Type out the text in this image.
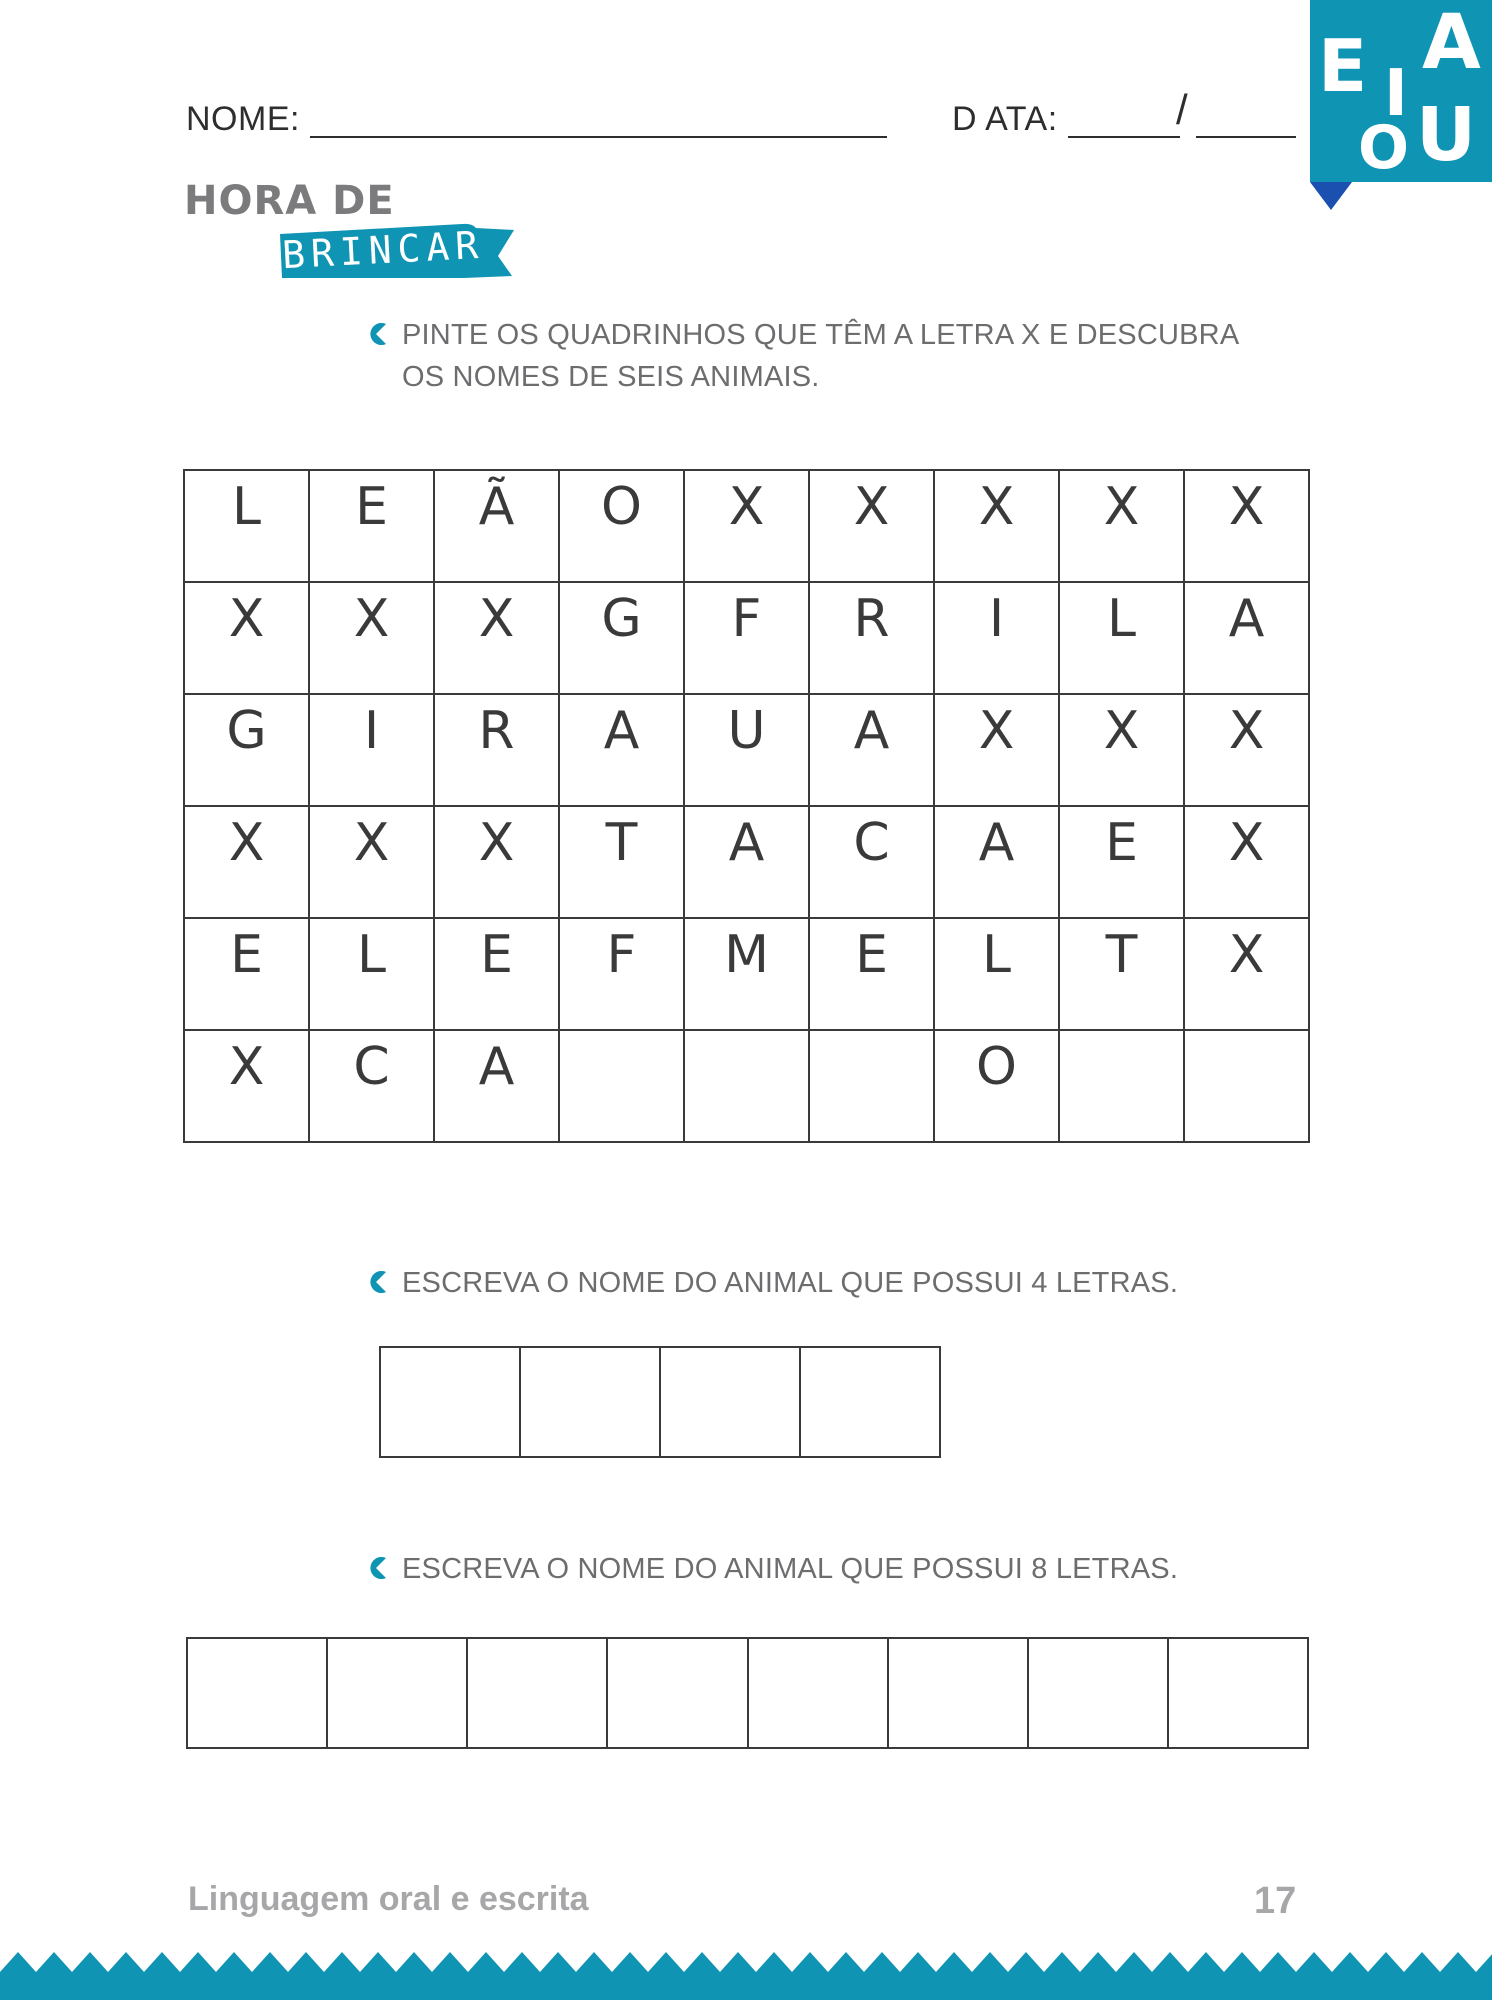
NOME:	D ATA:	/
E I
A
O U
HORA DE
BRINCAR
PINTE OS QUADRINHOS QUE TÊM A LETRA X E DESCUBRA
OS NOMES DE SEIS ANIMAIS.
L	E	Ã	O	X	X	X	X	X

X	X	X	G	F	R	I	L	A

G	I	R	A	U	A	X	X	X

X	X	X	T	A	C	A	E	X

E	L	E	F	M	E	L	T	X

X	C	A				O		

ESCREVA O NOME DO ANIMAL QUE POSSUI 4 LETRAS.

ESCREVA O NOME DO ANIMAL QUE POSSUI 8 LETRAS.

Linguagem oral e escrita	17
